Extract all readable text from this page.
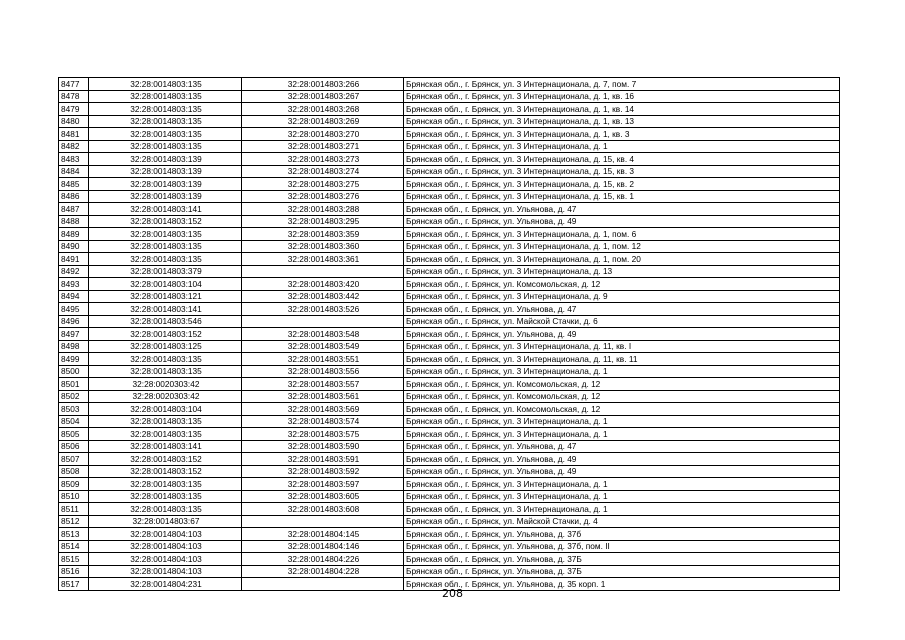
8477	32:28:0014803:135	32:28:0014803:266	Брянская обл., г. Брянск, ул. 3 Интернационала, д. 7, пом. 7
8478	32:28:0014803:135	32:28:0014803:267	Брянская обл., г. Брянск, ул. 3 Интернационала, д. 1, кв. 16
8479	32:28:0014803:135	32:28:0014803:268	Брянская обл., г. Брянск, ул. 3 Интернационала, д. 1, кв. 14
8480	32:28:0014803:135	32:28:0014803:269	Брянская обл., г. Брянск, ул. 3 Интернационала, д. 1, кв. 13
8481	32:28:0014803:135	32:28:0014803:270	Брянская обл., г. Брянск, ул. 3 Интернационала, д. 1, кв. 3
8482	32:28:0014803:135	32:28:0014803:271	Брянская обл., г. Брянск, ул. 3 Интернационала, д. 1
8483	32:28:0014803:139	32:28:0014803:273	Брянская обл., г. Брянск, ул. 3 Интернационала, д. 15, кв. 4
8484	32:28:0014803:139	32:28:0014803:274	Брянская обл., г. Брянск, ул. 3 Интернационала, д. 15, кв. 3
8485	32:28:0014803:139	32:28:0014803:275	Брянская обл., г. Брянск, ул. 3 Интернационала, д. 15, кв. 2
8486	32:28:0014803:139	32:28:0014803:276	Брянская обл., г. Брянск, ул. 3 Интернационала, д. 15, кв. 1
8487	32:28:0014803:141	32:28:0014803:288	Брянская обл., г. Брянск, ул. Ульянова, д. 47
8488	32:28:0014803:152	32:28:0014803:295	Брянская обл., г. Брянск, ул. Ульянова, д. 49
8489	32:28:0014803:135	32:28:0014803:359	Брянская обл., г. Брянск, ул. 3 Интернационала, д. 1, пом. 6
8490	32:28:0014803:135	32:28:0014803:360	Брянская обл., г. Брянск, ул. 3 Интернационала, д. 1, пом. 12
8491	32:28:0014803:135	32:28:0014803:361	Брянская обл., г. Брянск, ул. 3 Интернационала, д. 1, пом. 20
8492	32:28:0014803:379		Брянская обл., г. Брянск, ул. 3 Интернационала, д. 13
8493	32:28:0014803:104	32:28:0014803:420	Брянская обл., г. Брянск, ул. Комсомольская, д. 12
8494	32:28:0014803:121	32:28:0014803:442	Брянская обл., г. Брянск, ул. 3 Интернационала, д. 9
8495	32:28:0014803:141	32:28:0014803:526	Брянская обл., г. Брянск, ул. Ульянова, д. 47
8496	32:28:0014803:546		Брянская обл., г. Брянск, ул. Майской Стачки, д. 6
8497	32:28:0014803:152	32:28:0014803:548	Брянская обл., г. Брянск, ул. Ульянова, д. 49
8498	32:28:0014803:125	32:28:0014803:549	Брянская обл., г. Брянск, ул. 3 Интернационала, д. 11, кв. I
8499	32:28:0014803:135	32:28:0014803:551	Брянская обл., г. Брянск, ул. 3 Интернационала, д. 11, кв. 11
8500	32:28:0014803:135	32:28:0014803:556	Брянская обл., г. Брянск, ул. 3 Интернационала, д. 1
8501	32:28:0020303:42	32:28:0014803:557	Брянская обл., г. Брянск, ул. Комсомольская, д. 12
8502	32:28:0020303:42	32:28:0014803:561	Брянская обл., г. Брянск, ул. Комсомольская, д. 12
8503	32:28:0014803:104	32:28:0014803:569	Брянская обл., г. Брянск, ул. Комсомольская, д. 12
8504	32:28:0014803:135	32:28:0014803:574	Брянская обл., г. Брянск, ул. 3 Интернационала, д. 1
8505	32:28:0014803:135	32:28:0014803:575	Брянская обл., г. Брянск, ул. 3 Интернационала, д. 1
8506	32:28:0014803:141	32:28:0014803:590	Брянская обл., г. Брянск, ул. Ульянова, д. 47
8507	32:28:0014803:152	32:28:0014803:591	Брянская обл., г. Брянск, ул. Ульянова, д. 49
8508	32:28:0014803:152	32:28:0014803:592	Брянская обл., г. Брянск, ул. Ульянова, д. 49
8509	32:28:0014803:135	32:28:0014803:597	Брянская обл., г. Брянск, ул. 3 Интернационала, д. 1
8510	32:28:0014803:135	32:28:0014803:605	Брянская обл., г. Брянск, ул. 3 Интернационала, д. 1
8511	32:28:0014803:135	32:28:0014803:608	Брянская обл., г. Брянск, ул. 3 Интернационала, д. 1
8512	32:28:0014803:67		Брянская обл., г. Брянск, ул. Майской Стачки, д. 4
8513	32:28:0014804:103	32:28:0014804:145	Брянская обл., г. Брянск, ул. Ульянова, д. 37б
8514	32:28:0014804:103	32:28:0014804:146	Брянская обл., г. Брянск, ул. Ульянова, д. 37б, пом. II
8515	32:28:0014804:103	32:28:0014804:226	Брянская обл., г. Брянск, ул. Ульянова, д. 37Б
8516	32:28:0014804:103	32:28:0014804:228	Брянская обл., г. Брянск, ул. Ульянова, д. 37Б
8517	32:28:0014804:231		Брянская обл., г. Брянск, ул. Ульянова, д. 35 корп. 1
208
